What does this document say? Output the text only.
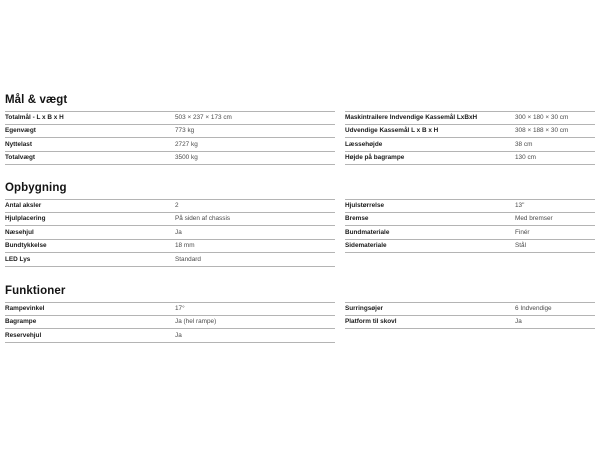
Mål & vægt
Totalmål - L x B x H	503 × 237 × 173 cm
Egenvægt	773 kg
Nyttelast	2727 kg
Totalvægt	3500 kg
Maskintrailere Indvendige Kassemål LxBxH	300 × 180 × 30 cm
Udvendige Kassemål L x B x H	308 × 188 × 30 cm
Læssehøjde	38 cm
Højde på bagrampe	130 cm
Opbygning
Antal aksler	2
Hjulplacering	På siden af chassis
Næsehjul	Ja
Bundtykkelse	18 mm
LED Lys	Standard
Hjulstørrelse	13"
Bremse	Med bremser
Bundmateriale	Finér
Sidemateriale	Stål
Funktioner
Rampevinkel	17°
Bagrampe	Ja (hel rampe)
Reservehjul	Ja
Surringsøjer	6 Indvendige
Platform til skovl	Ja
